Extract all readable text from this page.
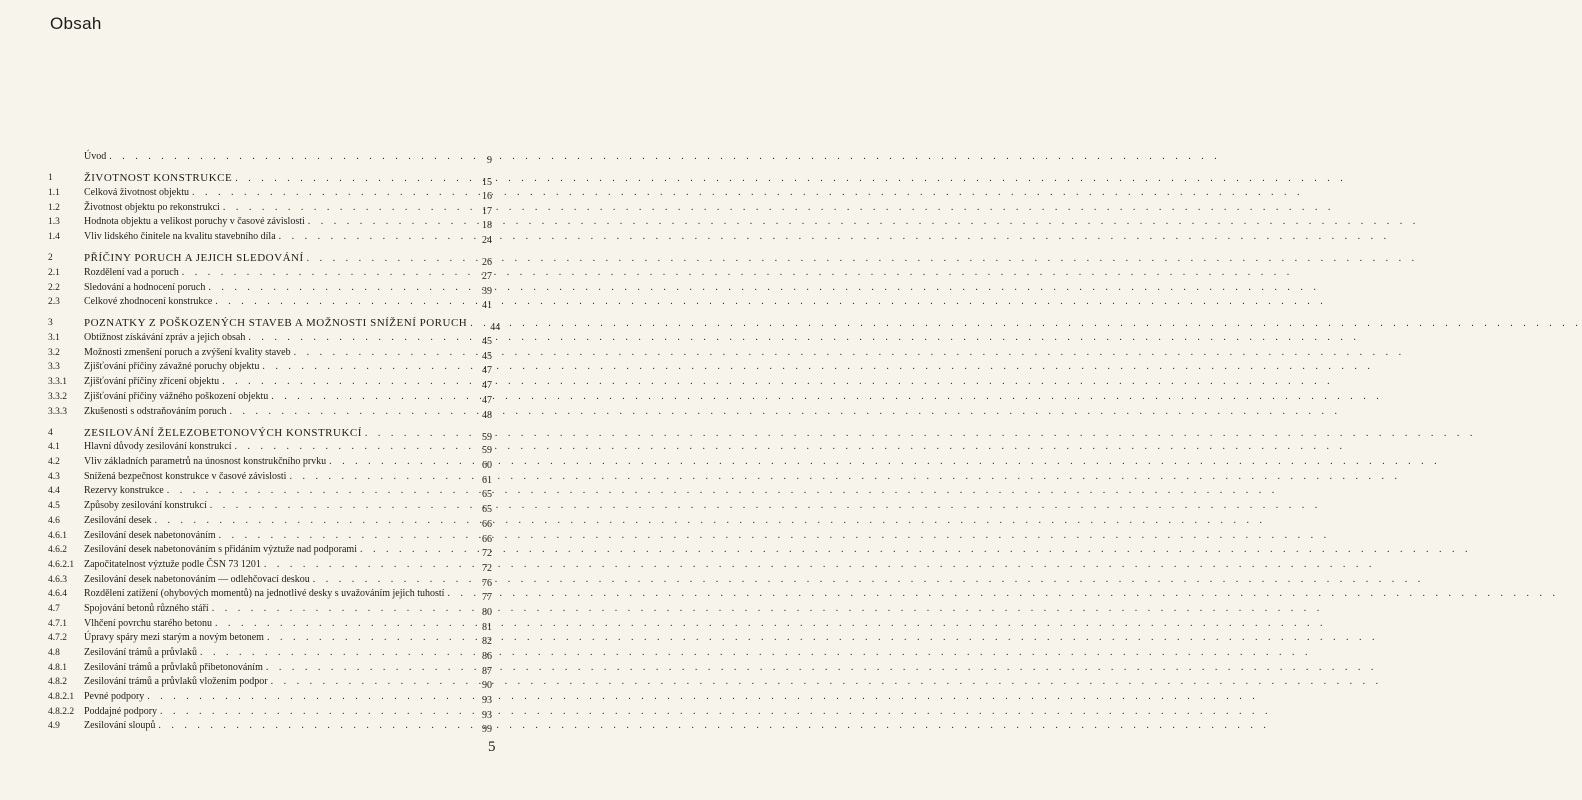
Obsah
Úvod . . .	9
1	ŽIVOTNOST KONSTRUKCE . . .	15
1.1 Celková životnost objektu . . .	16
1.2 Životnost objektu po rekonstrukci . . .	17
1.3 Hodnota objektu a velikost poruchy v časové závislosti . . .	18
1.4 Vliv lidského činitele na kvalitu stavebního díla . . .	24
2	PŘÍČINY PORUCH A JEJICH SLEDOVÁNÍ . . .	26
2.1 Rozdělení vad a poruch . . .	27
2.2 Sledování a hodnocení poruch . . .	39
2.3 Celkové zhodnocení konstrukce . . .	41
3	POZNATKY Z POŠKOZENÝCH STAVEB A MOŽNOSTI SNÍŽENÍ PORUCH . . .	44
3.1 Obtížnost získávání zpráv a jejich obsah . . .	45
3.2 Možnosti zmenšení poruch a zvýšení kvality staveb . . .	45
3.3 Zjišťování příčiny závažné poruchy objektu . . .	47
3.3.1 Zjišťování příčiny zřícení objektu . . .	47
3.3.2 Zjišťování příčiny vážného poškození objektu . . .	47
3.3.3 Zkušenosti s odstraňováním poruch . . .	48
4	ZESILOVÁNÍ ŽELEZOBETONOVÝCH KONSTRUKCÍ . . .	59
4.1 Hlavní důvody zesilování konstrukcí . . .	59
4.2 Vliv základních parametrů na únosnost konstrukčního prvku . . .	60
4.3 Snížená bezpečnost konstrukce v časové závislosti . . .	61
4.4 Rezervy konstrukce . . .	65
4.5 Způsoby zesilování konstrukcí . . .	65
4.6 Zesilování desek . . .	66
4.6.1 Zesilování desek nabetonováním . . .	66
4.6.2 Zesilování desek nabetonováním s přidáním výztuže nad podporami . . .	72
4.6.2.1 Započitatelnost výztuže podle ČSN 73 1201 . . .	72
4.6.3 Zesilování desek nabetonováním — odlehčovací deskou . . .	76
4.6.4 Rozdělení zatížení (ohybových momentů) na jednotlivé desky s uvažováním jejich tuhostí . . .	77
4.7 Spojování betonů různého stáří . . .	80
4.7.1 Vlhčení povrchu starého betonu . . .	81
4.7.2 Úpravy spáry mezi starým a novým betonem . . .	82
4.8 Zesilování trámů a průvlaků . . .	86
4.8.1 Zesilování trámů a průvlaků přibetonováním . . .	87
4.8.2 Zesilování trámů a průvlaků vložením podpor . . .	90
4.8.2.1 Pevné podpory . . .	93
4.8.2.2 Poddajné podpory . . .	93
4.9 Zesilování sloupů . . .	99
5
